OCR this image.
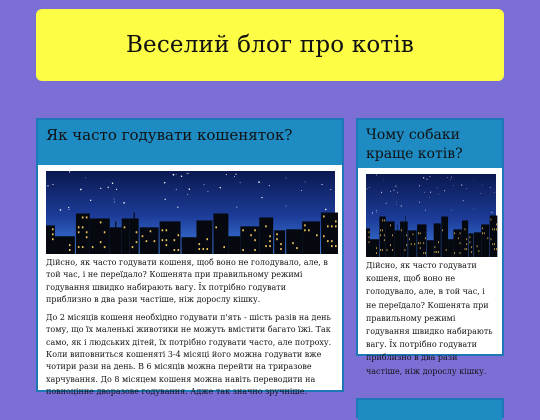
Веселий блог про котів
Як часто годувати кошеняток?

Дійсно, як часто годувати кошеня, щоб воно не голодувало, але, в той час, і не переїдало? Кошенята при правильному режимі годування швидко набирають вагу. Їх потрібно годувати приблизно в два рази частіше, ніж дорослу кішку.

До 2 місяців кошеня необхідно годувати п'ять - шість разів на день тому, що їх маленькі животики не можуть вмістити багато їжі. Так само, як і людських дітей, їх потрібно годувати часто, але потроху. Коли виповниться кошеняті 3-4 місяці його можна годувати вже чотири рази на день. В 6 місяців можна перейти на триразове харчування. До 8 місяцем кошеня можна навіть переводити на повноцінне дворазове годування. Адже так значно зручніше.

Чому собаки краще котів?

Дійсно, як часто годувати кошеня, щоб воно не голодувало, але, в той час, і не переїдало? Кошенята при правильному режимі годування швидко набирають вагу. Їх потрібно годувати приблизно в два рази частіше, ніж дорослу кішку.
